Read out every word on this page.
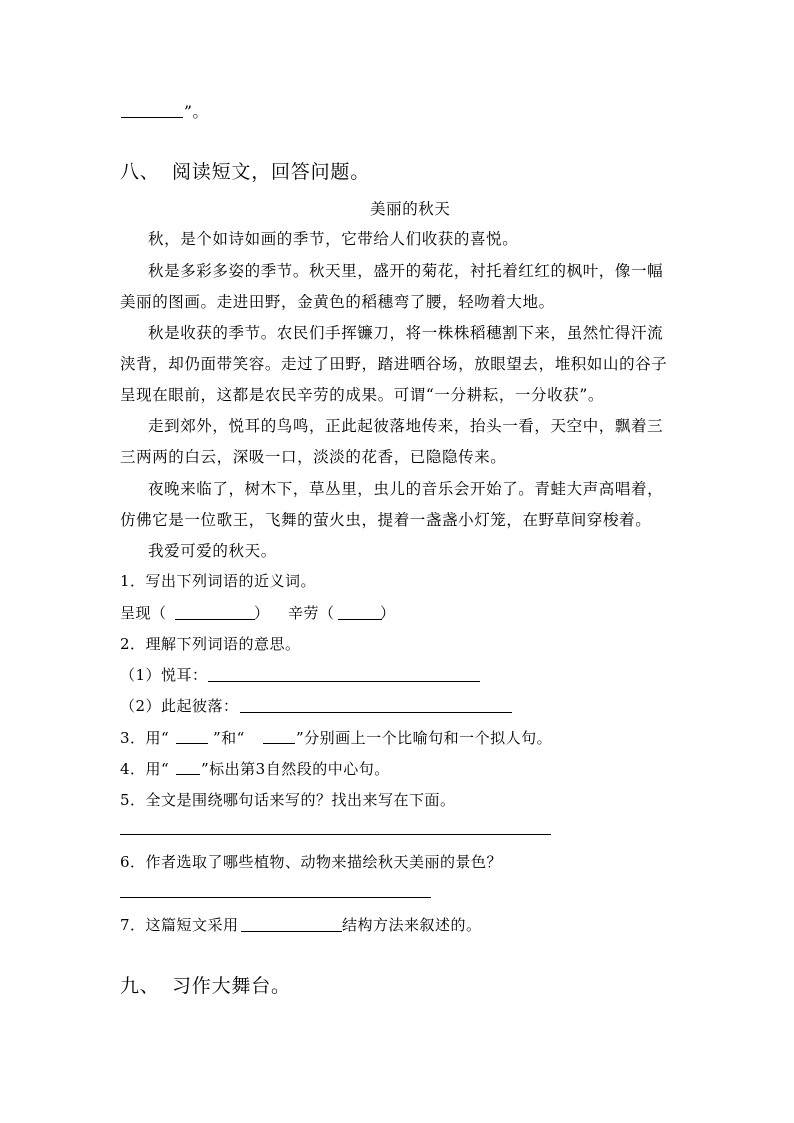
”。
八、 阅读短文，回答问题。
美丽的秋天
秋，是个如诗如画的季节，它带给人们收获的喜悦。
秋是多彩多姿的季节。秋天里，盛开的菊花，衬托着红红的枫叶，像一幅
美丽的图画。走进田野，金黄色的稻穗弯了腰，轻吻着大地。
秋是收获的季节。农民们手挥镰刀，将一株株稻穗割下来，虽然忙得汗流
浃背，却仍面带笑容。走过了田野，踏进晒谷场，放眼望去，堆积如山的谷子
呈现在眼前，这都是农民辛劳的成果。可谓“一分耕耘，一分收获”。
走到郊外，悦耳的鸟鸣，正此起彼落地传来，抬头一看，天空中，飘着三
三两两的白云，深吸一口，淡淡的花香，已隐隐传来。
夜晚来临了，树木下，草丛里，虫儿的音乐会开始了。青蛙大声高唱着，
仿佛它是一位歌王，飞舞的萤火虫，提着一盏盏小灯笼，在野草间穿梭着。
我爱可爱的秋天。
1．写出下列词语的近义词。
呈现（	） 辛劳（	）
2．理解下列词语的意思。
（1）悦耳：
（2）此起彼落：
3．用“	”和“	”分别画上一个比喻句和一个拟人句。
4．用“ ”标出第3自然段的中心句。
5．全文是围绕哪句话来写的？找出来写在下面。
6．作者选取了哪些植物、动物来描绘秋天美丽的景色？
7．这篇短文采用	结构方法来叙述的。
九、 习作大舞台。
